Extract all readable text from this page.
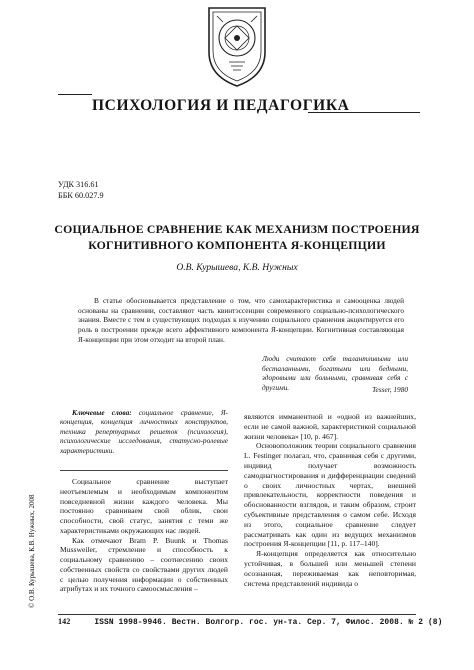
ПСИХОЛОГИЯ И ПЕДАГОГИКА
УДК 316.61
ББК 60.027.9
СОЦИАЛЬНОЕ СРАВНЕНИЕ КАК МЕХАНИЗМ ПОСТРОЕНИЯ
КОГНИТИВНОГО КОМПОНЕНТА Я-КОНЦЕПЦИИ
О.В. Курышева, К.В. Нужных

В статье обосновывается представление о том, что самохарактеристика и самооценка людей основаны на сравнении, составляют часть квинтэссенции современного социально-психологического знания. Вместе с тем в существующих подходах к изучению социального сравнения акцентируется его роль в построении прежде всего аффективного компонента Я-концепции. Когнитивная составляющая Я-концепции при этом отходит на второй план.

Люди считают себя талантливыми или бесталанными, богатыми или бедными, здоровыми или больными, сравнивая себя с другими.	Tesser, 1980

Ключевые слова: социальное сравнение, Я-концепция, концепция личностных конструктов, техника репертуарных решеток (психология), психологические исследования, статусно-ролевые характеристики.

Социальное сравнение выступает неотъемлемым и необходимым компонентом повседневной жизни каждого человека. Мы постоянно сравниваем свой облик, свои способности, свой статус, занятия с теми же характеристиками окружающих нас людей.

Как отмечают Bram P. Buunk и Thomas Mussweiler, стремление и способность к социальному сравнению – соотнесению своих собственных свойств со свойствами других людей с целью получения информации о собственных атрибутах и их точного самоосмысления –

являются имманентной и «одной из важнейших, если не самой важной, характеристикой социальной жизни человека» [10, p. 467].

Основоположник теории социального сравнения L. Festinger полагал, что, сравнивая себя с другими, индивид получает возможность самодиагностирования и дифференциации сведений о своих личностных чертах, внешней привлекательности, корректности поведения и обоснованности взглядов, и таким образом, строит субъективные представления о самом себе. Исходя из этого, социальное сравнение следует рассматривать как один из ведущих механизмов построения Я-концепции [11, p. 117–140].

Я-концепция определяется как относительно устойчивая, в большей или меньшей степени осознанная, переживаемая как неповторимая, система представлений индивида о

© О.В. Курышева, К.В. Нужных, 2008
142	ISSN 1998-9946. Вестн. Волгогр. гос. ун-та. Сер. 7, Филос. 2008. № 2 (8)
